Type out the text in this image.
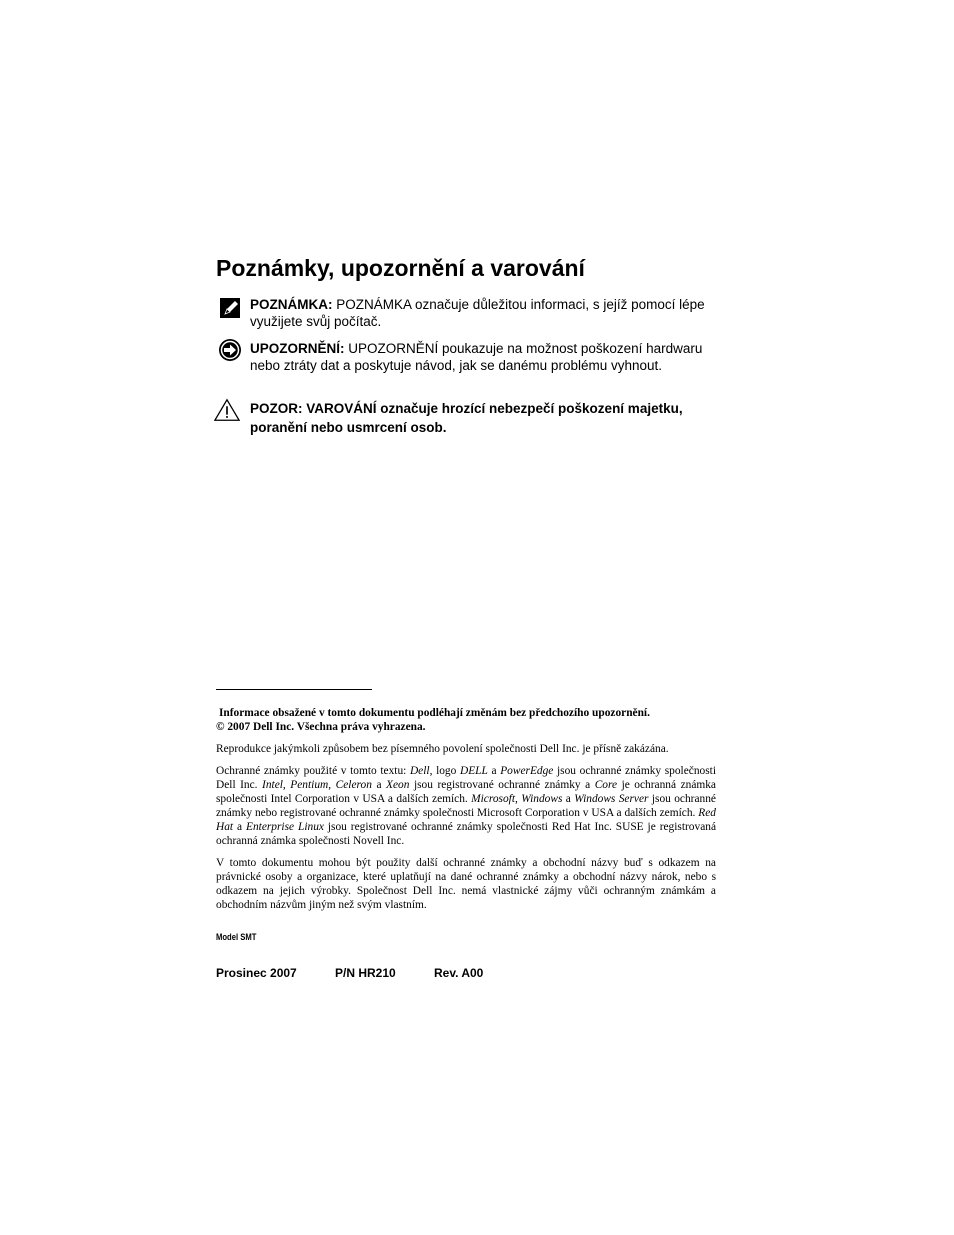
Poznámky, upozornění a varování
POZNÁMKA: POZNÁMKA označuje důležitou informaci, s jejíž pomocí lépe využijete svůj počítač.
UPOZORNĚNÍ: UPOZORNĚNÍ poukazuje na možnost poškození hardwaru nebo ztráty dat a poskytuje návod, jak se danému problému vyhnout.
POZOR: VAROVÁNÍ označuje hrozící nebezpečí poškození majetku, poranění nebo usmrcení osob.
Informace obsažené v tomto dokumentu podléhají změnám bez předchozího upozornění.
© 2007 Dell Inc. Všechna práva vyhrazena.
Reprodukce jakýmkoli způsobem bez písemného povolení společnosti Dell Inc. je přísně zakázána.
Ochranné známky použité v tomto textu: Dell, logo DELL a PowerEdge jsou ochranné známky společnosti Dell Inc. Intel, Pentium, Celeron a Xeon jsou registrované ochranné známky a Core je ochranná známka společnosti Intel Corporation v USA a dalších zemích. Microsoft, Windows a Windows Server jsou ochranné známky nebo registrované ochranné známky společnosti Microsoft Corporation v USA a dalších zemích. Red Hat a Enterprise Linux jsou registrované ochranné známky společnosti Red Hat Inc. SUSE je registrovaná ochranná známka společnosti Novell Inc.
V tomto dokumentu mohou být použity další ochranné známky a obchodní názvy buď s odkazem na právnické osoby a organizace, které uplatňují na dané ochranné známky a obchodní názvy nárok, nebo s odkazem na jejich výrobky. Společnost Dell Inc. nemá vlastnické zájmy vůči ochranným známkám a obchodním názvům jiným než svým vlastním.
Model SMT
Prosinec 2007	P/N HR210	Rev. A00
